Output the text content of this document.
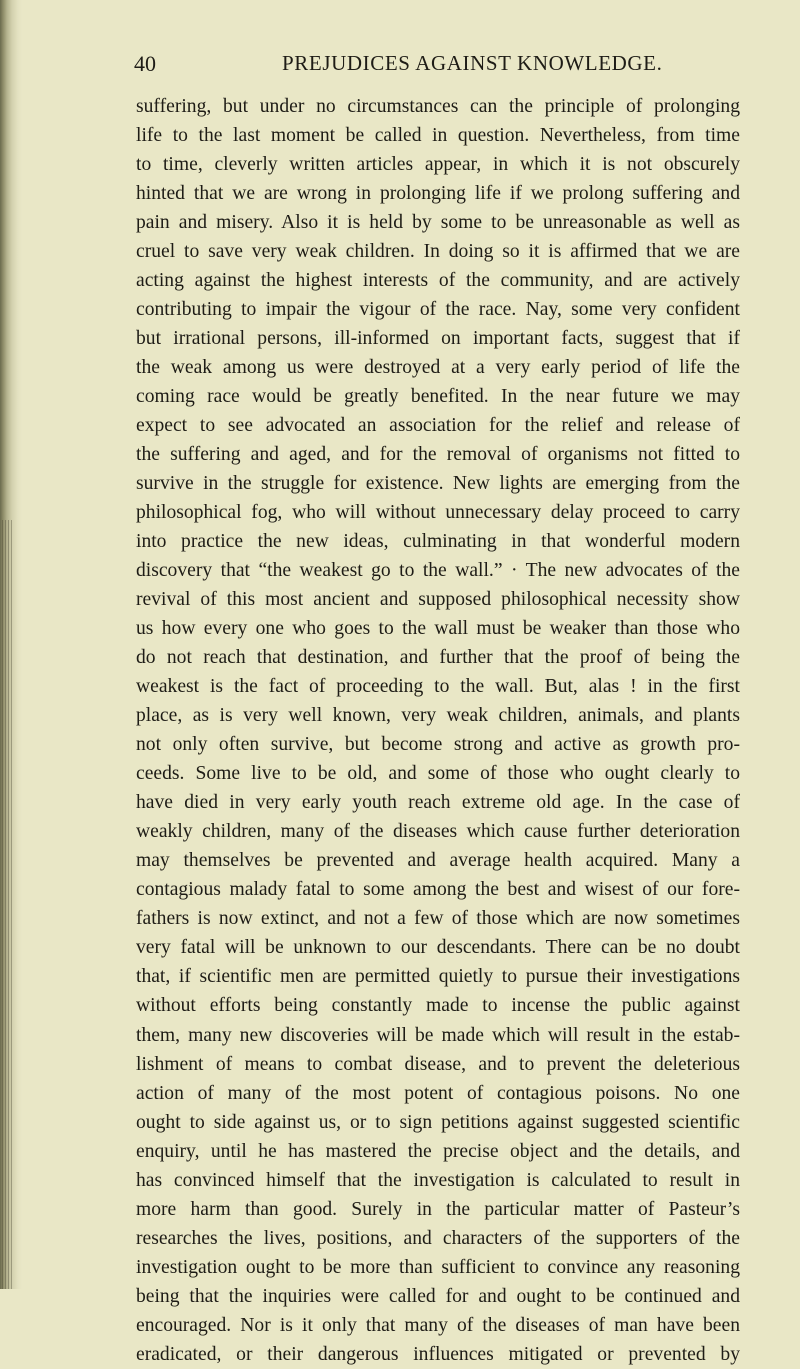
40	PREJUDICES AGAINST KNOWLEDGE.
suffering, but under no circumstances can the principle of prolonging
life to the last moment be called in question. Nevertheless, from time
to time, cleverly written articles appear, in which it is not obscurely
hinted that we are wrong in prolonging life if we prolong suffering and
pain and misery. Also it is held by some to be unreasonable as well as
cruel to save very weak children. In doing so it is affirmed that we are
acting against the highest interests of the community, and are actively
contributing to impair the vigour of the race. Nay, some very confident
but irrational persons, ill-informed on important facts, suggest that if
the weak among us were destroyed at a very early period of life the
coming race would be greatly benefited. In the near future we may
expect to see advocated an association for the relief and release of
the suffering and aged, and for the removal of organisms not fitted to
survive in the struggle for existence. New lights are emerging from the
philosophical fog, who will without unnecessary delay proceed to carry
into practice the new ideas, culminating in that wonderful modern
discovery that “the weakest go to the wall.” · The new advocates of the
revival of this most ancient and supposed philosophical necessity show
us how every one who goes to the wall must be weaker than those who
do not reach that destination, and further that the proof of being the
weakest is the fact of proceeding to the wall. But, alas ! in the first
place, as is very well known, very weak children, animals, and plants
not only often survive, but become strong and active as growth pro-
ceeds. Some live to be old, and some of those who ought clearly to
have died in very early youth reach extreme old age. In the case of
weakly children, many of the diseases which cause further deterioration
may themselves be prevented and average health acquired. Many a
contagious malady fatal to some among the best and wisest of our fore-
fathers is now extinct, and not a few of those which are now sometimes
very fatal will be unknown to our descendants. There can be no doubt
that, if scientific men are permitted quietly to pursue their investigations
without efforts being constantly made to incense the public against
them, many new discoveries will be made which will result in the estab-
lishment of means to combat disease, and to prevent the deleterious
action of many of the most potent of contagious poisons. No one
ought to side against us, or to sign petitions against suggested scientific
enquiry, until he has mastered the precise object and the details, and
has convinced himself that the investigation is calculated to result in
more harm than good. Surely in the particular matter of Pasteur’s
researches the lives, positions, and characters of the supporters of the
investigation ought to be more than sufficient to convince any reasoning
being that the inquiries were called for and ought to be continued and
encouraged. Nor is it only that many of the diseases of man have been
eradicated, or their dangerous influences mitigated or prevented by
